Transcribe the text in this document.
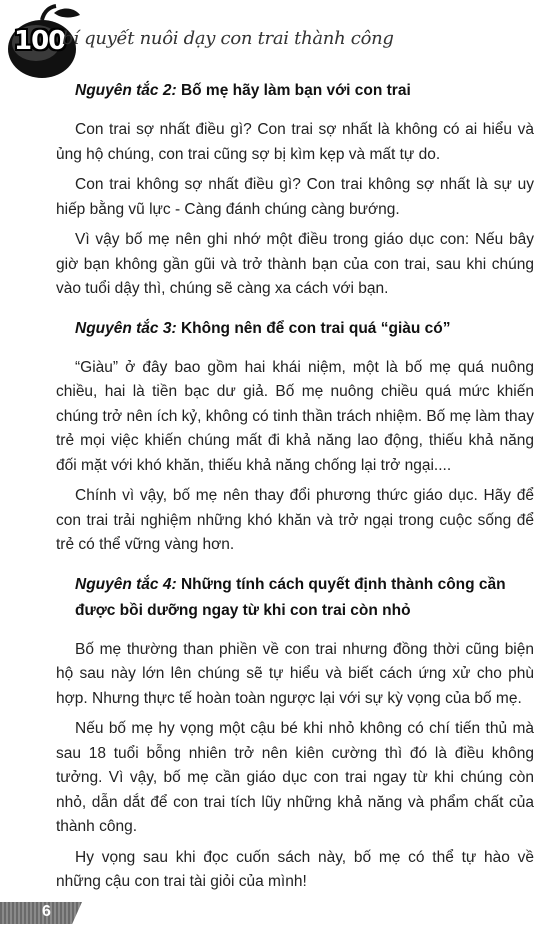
100
bí quyết nuôi dạy con trai thành công
Nguyên tắc 2: Bố mẹ hãy làm bạn với con trai

Con trai sợ nhất điều gì? Con trai sợ nhất là không có ai hiểu và ủng hộ chúng, con trai cũng sợ bị kìm kẹp và mất tự do.

Con trai không sợ nhất điều gì? Con trai không sợ nhất là sự uy hiếp bằng vũ lực - Càng đánh chúng càng bướng.

Vì vậy bố mẹ nên ghi nhớ một điều trong giáo dục con: Nếu bây giờ bạn không gần gũi và trở thành bạn của con trai, sau khi chúng vào tuổi dậy thì, chúng sẽ càng xa cách với bạn.

Nguyên tắc 3: Không nên để con trai quá “giàu có”

“Giàu” ở đây bao gồm hai khái niệm, một là bố mẹ quá nuông chiều, hai là tiền bạc dư giả. Bố mẹ nuông chiều quá mức khiến chúng trở nên ích kỷ, không có tinh thần trách nhiệm. Bố mẹ làm thay trẻ mọi việc khiến chúng mất đi khả năng lao động, thiếu khả năng đối mặt với khó khăn, thiếu khả năng chống lại trở ngại....

Chính vì vậy, bố mẹ nên thay đổi phương thức giáo dục. Hãy để con trai trải nghiệm những khó khăn và trở ngại trong cuộc sống để trẻ có thể vững vàng hơn.

Nguyên tắc 4: Những tính cách quyết định thành công cần được bồi dưỡng ngay từ khi con trai còn nhỏ

Bố mẹ thường than phiền về con trai nhưng đồng thời cũng biện hộ sau này lớn lên chúng sẽ tự hiểu và biết cách ứng xử cho phù hợp. Nhưng thực tế hoàn toàn ngược lại với sự kỳ vọng của bố mẹ.

Nếu bố mẹ hy vọng một cậu bé khi nhỏ không có chí tiến thủ mà sau 18 tuổi bỗng nhiên trở nên kiên cường thì đó là điều không tưởng. Vì vậy, bố mẹ cần giáo dục con trai ngay từ khi chúng còn nhỏ, dẫn dắt để con trai tích lũy những khả năng và phẩm chất của thành công.

Hy vọng sau khi đọc cuốn sách này, bố mẹ có thể tự hào về những cậu con trai tài giỏi của mình!

6
